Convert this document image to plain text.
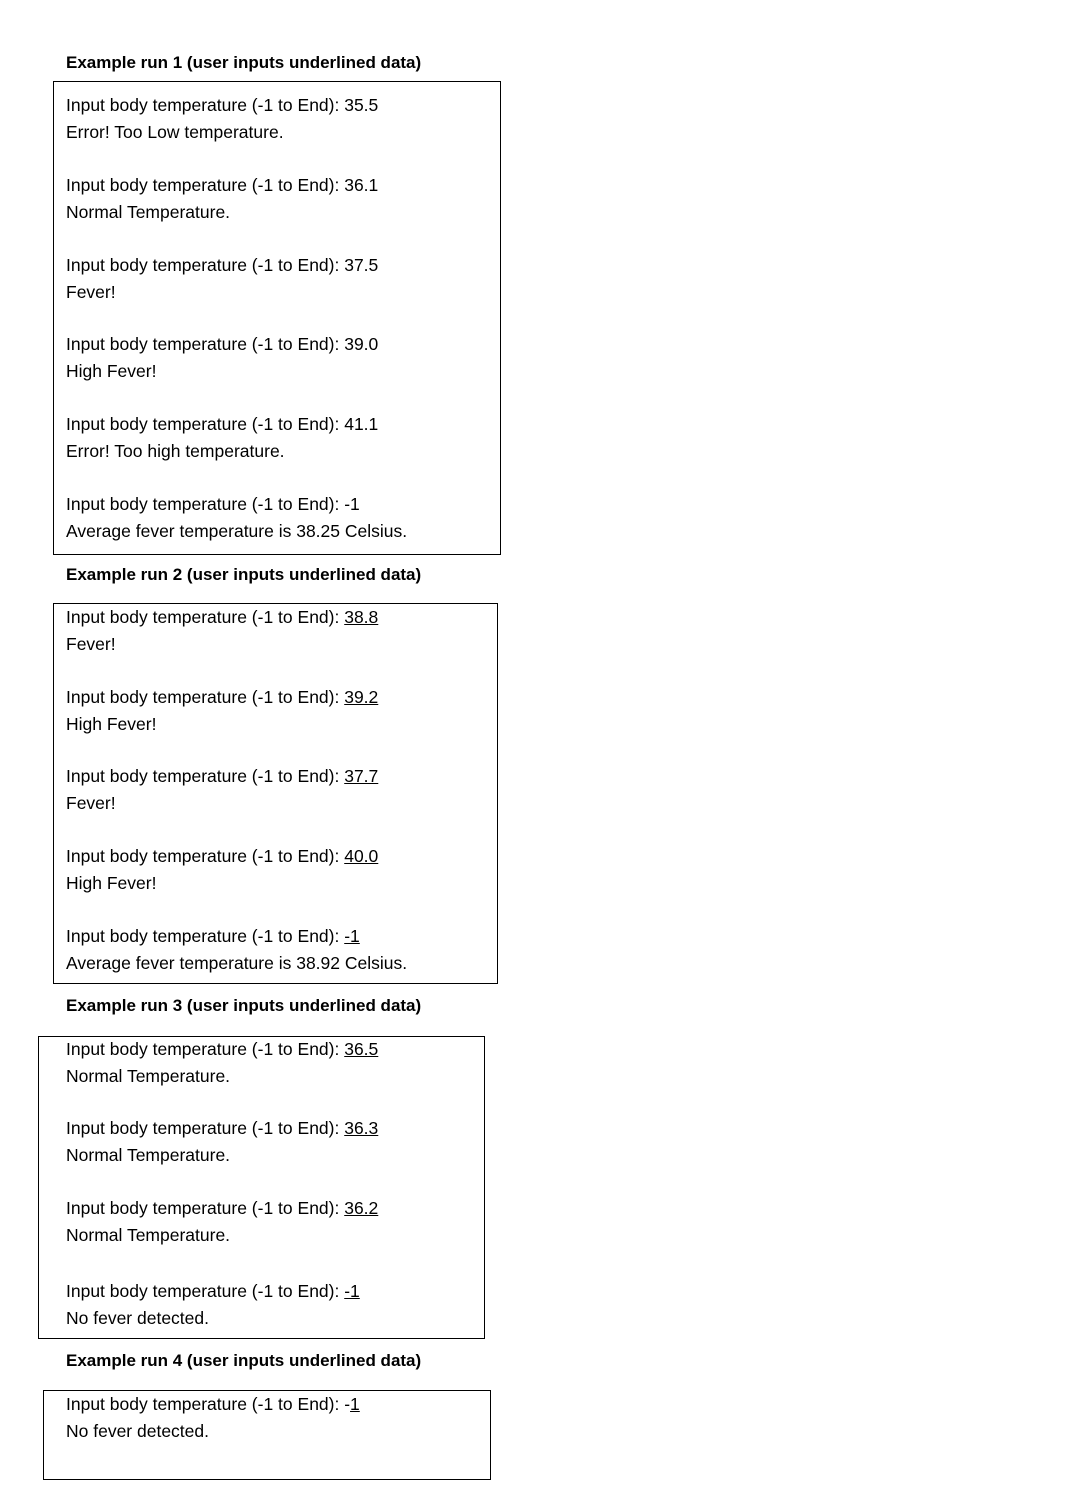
Example run 1 (user inputs underlined data)
Input body temperature (-1 to End): 35.5
Error! Too Low temperature.
Input body temperature (-1 to End): 36.1
Normal Temperature.
Input body temperature (-1 to End): 37.5
Fever!
Input body temperature (-1 to End): 39.0
High Fever!
Input body temperature (-1 to End): 41.1
Error! Too high temperature.
Input body temperature (-1 to End): -1
Average fever temperature is 38.25 Celsius.
Example run 2 (user inputs underlined data)
Input body temperature (-1 to End): 38.8
Fever!
Input body temperature (-1 to End): 39.2
High Fever!
Input body temperature (-1 to End): 37.7
Fever!
Input body temperature (-1 to End): 40.0
High Fever!
Input body temperature (-1 to End): -1
Average fever temperature is 38.92 Celsius.
Example run 3 (user inputs underlined data)
Input body temperature (-1 to End): 36.5
Normal Temperature.
Input body temperature (-1 to End): 36.3
Normal Temperature.
Input body temperature (-1 to End): 36.2
Normal Temperature.
Input body temperature (-1 to End): -1
No fever detected.
Example run 4 (user inputs underlined data)
Input body temperature (-1 to End): -1
No fever detected.
